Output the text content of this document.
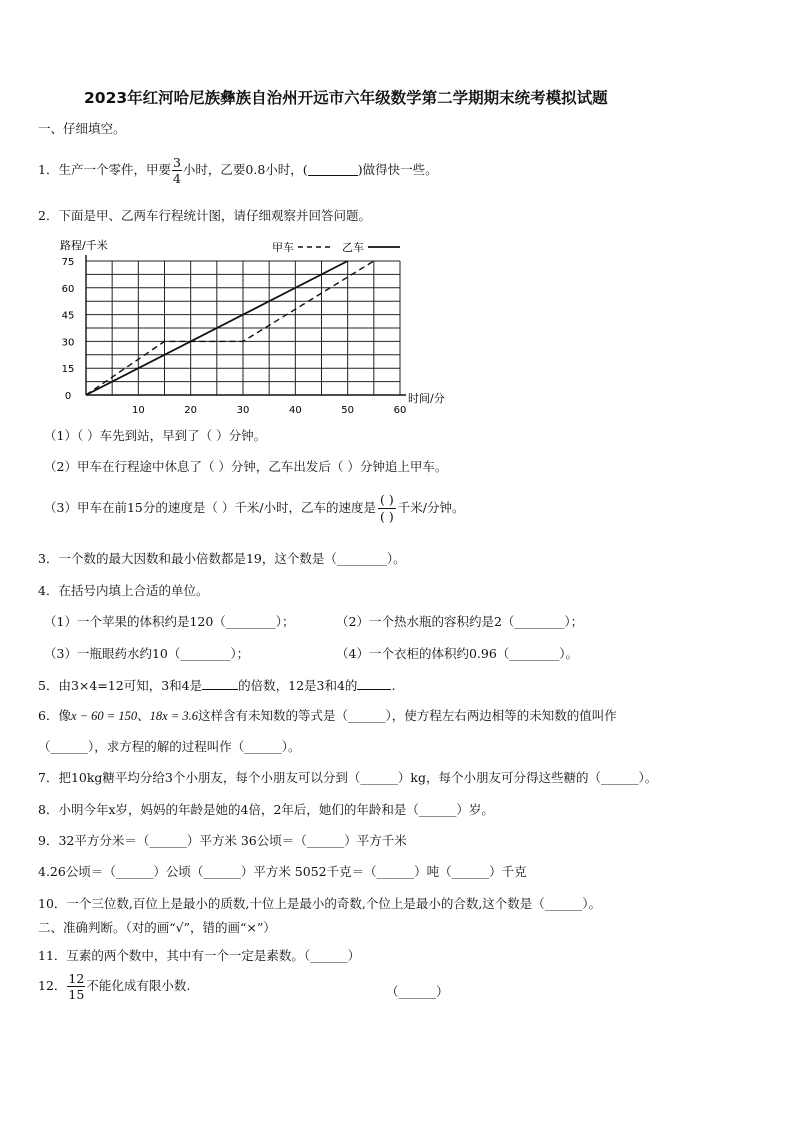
2023年红河哈尼族彝族自治州开远市六年级数学第二学期期末统考模拟试题
一、仔细填空。
1．生产一个零件，甲要 $\frac{3}{4}$ 小时，乙要0.8小时，(	)做得快一些。
2．下面是甲、乙两车行程统计图，请仔细观察并回答问题。
10	20	30	40	50	60
0
15
30
45
60
75
路程/千米
时间/分
甲车	乙车
（1）（ ）车先到站，早到了（ ）分钟。
（2）甲车在行程途中休息了（ ）分钟，乙车出发后（ ）分钟追上甲车。
（3）甲车在前15分的速度是（ ）千米/小时，乙车的速度是
( )
( )
千米/分钟。
3．一个数的最大因数和最小倍数都是19，这个数是（________）。
4．在括号内填上合适的单位。
（1）一个苹果的体积约是120（________）；	（2）一个热水瓶的容积约是2（________）；
（3）一瓶眼药水约10（________）；	（4）一个衣柜的体积约0.96（________）。
5．由3×4=12可知，3和4是	的倍数，12是3和4的	.
6．像x − 60 = 150、18x = 3.6这样含有未知数的等式是（______），使方程左右两边相等的未知数的值叫作
（______），求方程的解的过程叫作（______）。
7．把10kg糖平均分给3个小朋友，每个小朋友可以分到（______）kg，每个小朋友可分得这些糖的（______）。
8．小明今年x岁，妈妈的年龄是她的4倍，2年后，她们的年龄和是（______）岁。
9．32平方分米＝（______）平方米 36公顷＝（______）平方千米
4.26公顷＝（______）公顷（______）平方米 5052千克＝（______）吨（______）千克
10．一个三位数,百位上是最小的质数,十位上是最小的奇数,个位上是最小的合数,这个数是（______）。
二、准确判断。（对的画“√”，错的画“×”）
11．互素的两个数中，其中有一个一定是素数。（______）
12． $\frac{12}{15}$ 不能化成有限小数.	（______）
